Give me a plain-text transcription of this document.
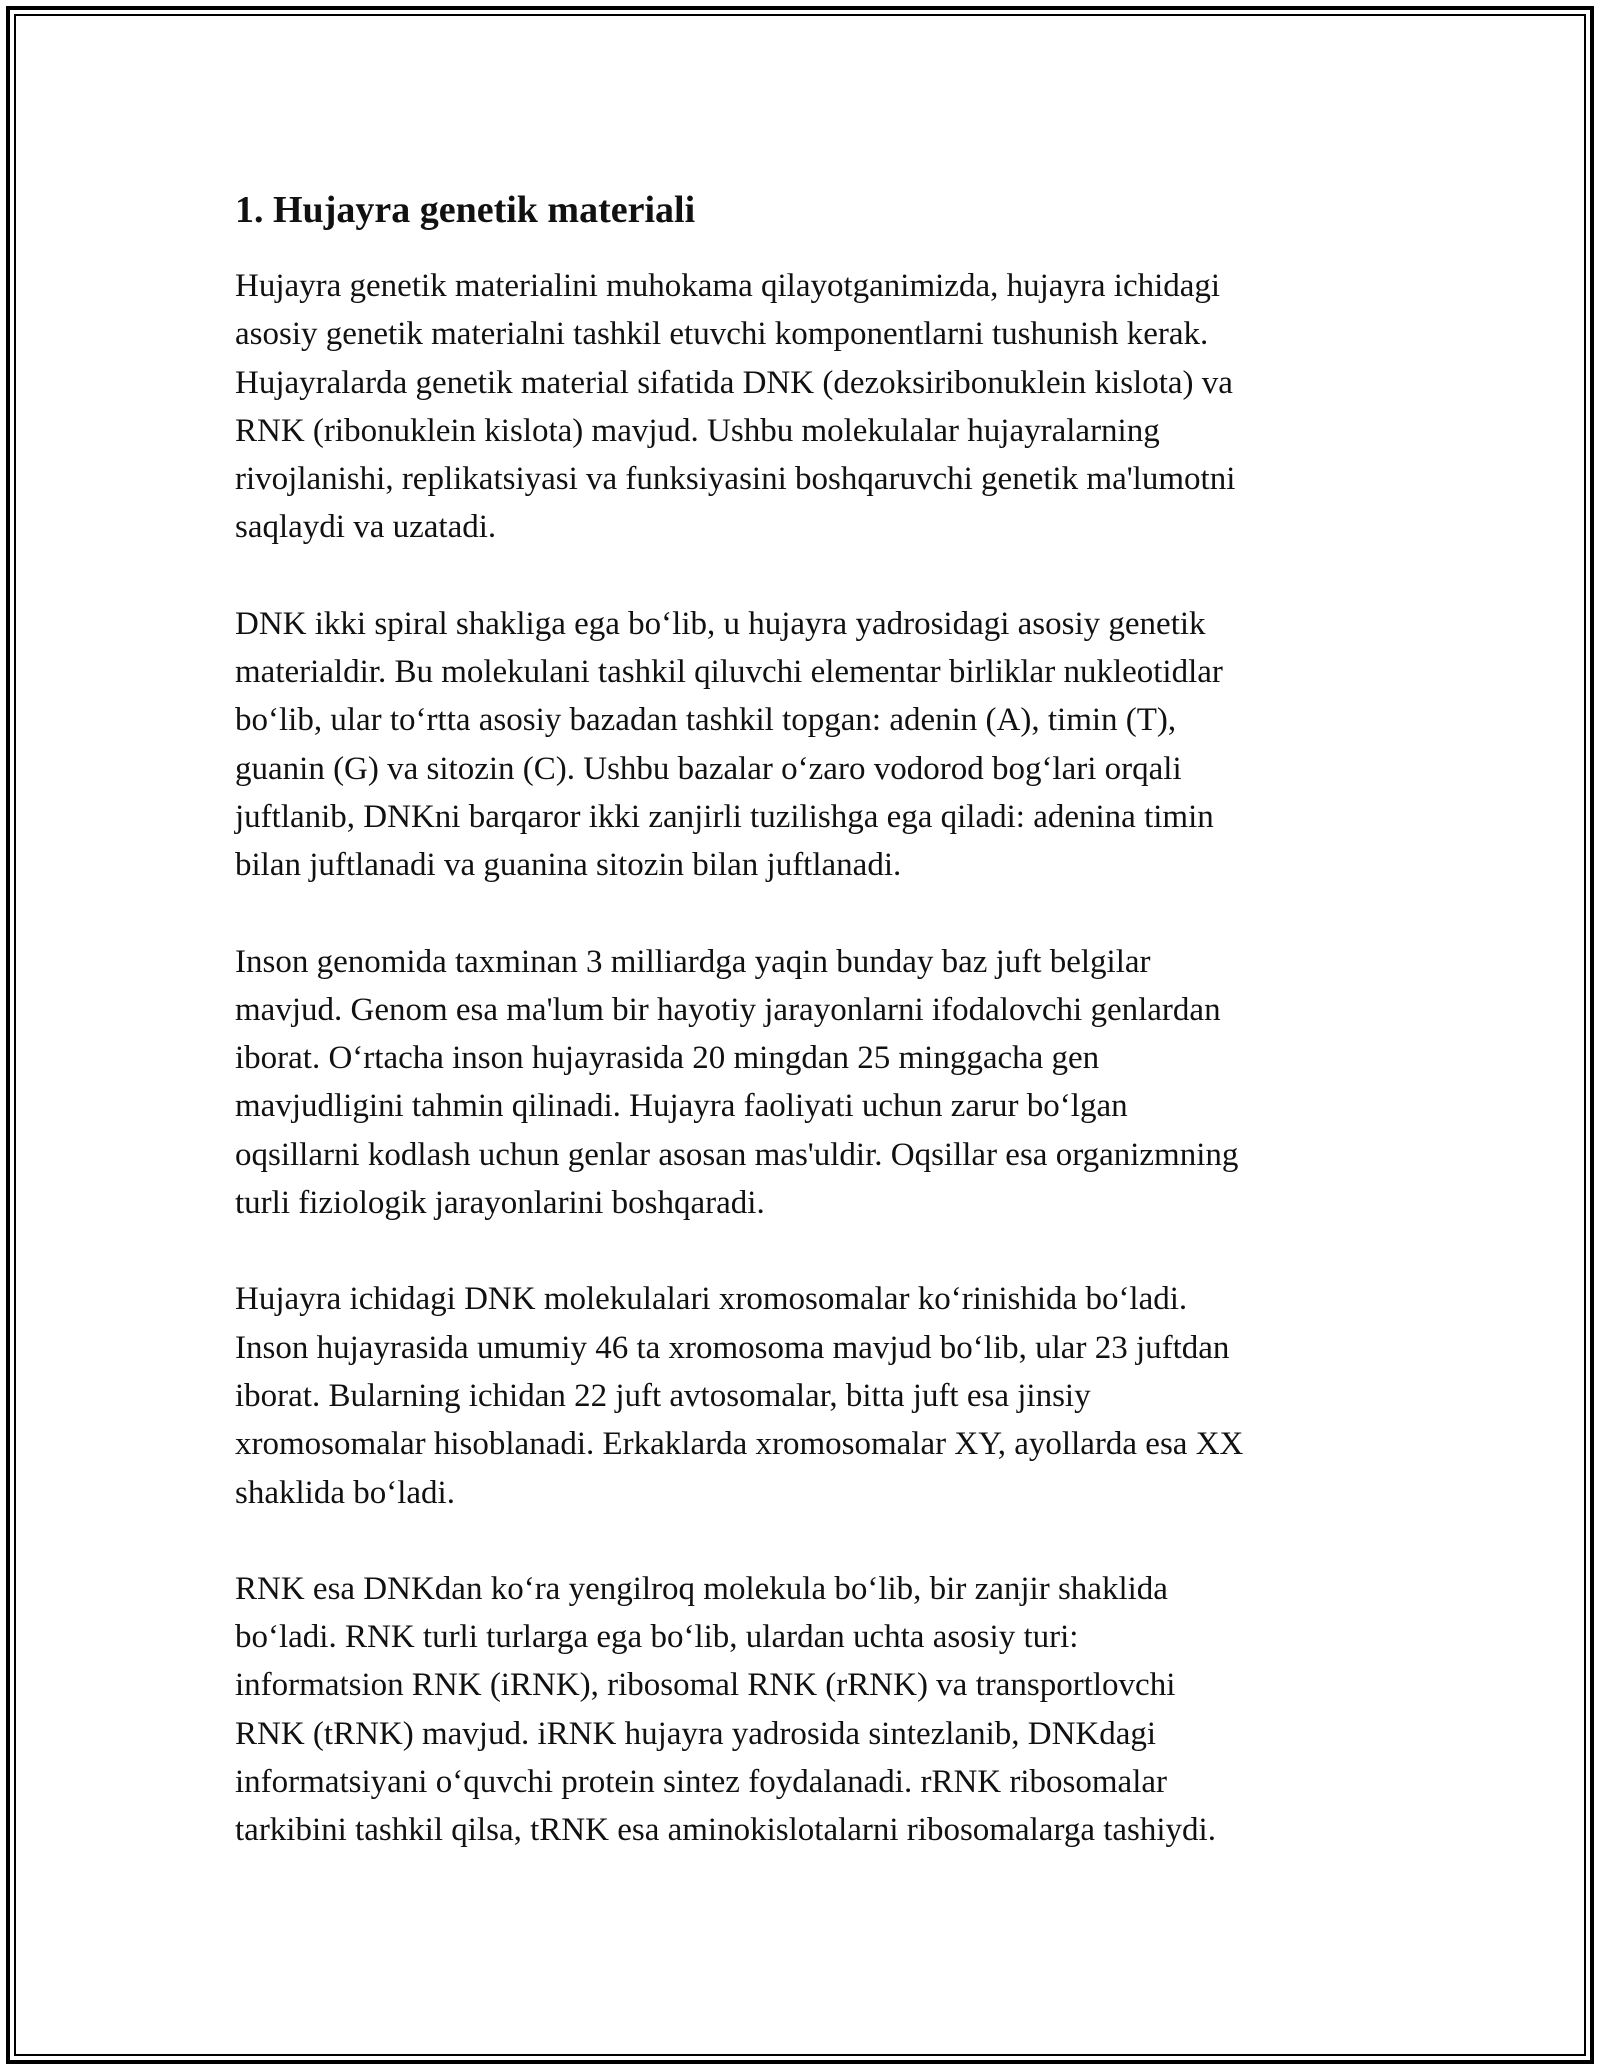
1. Hujayra genetik materiali

Hujayra genetik materialini muhokama qilayotganimizda, hujayra ichidagi
asosiy genetik materialni tashkil etuvchi komponentlarni tushunish kerak.
Hujayralarda genetik material sifatida DNK (dezoksiribonuklein kislota) va
RNK (ribonuklein kislota) mavjud. Ushbu molekulalar hujayralarning
rivojlanishi, replikatsiyasi va funksiyasini boshqaruvchi genetik ma'lumotni
saqlaydi va uzatadi.

DNK ikki spiral shakliga ega boʻlib, u hujayra yadrosidagi asosiy genetik
materialdir. Bu molekulani tashkil qiluvchi elementar birliklar nukleotidlar
boʻlib, ular toʻrtta asosiy bazadan tashkil topgan: adenin (A), timin (T),
guanin (G) va sitozin (C). Ushbu bazalar oʻzaro vodorod bogʻlari orqali
juftlanib, DNKni barqaror ikki zanjirli tuzilishga ega qiladi: adenina timin
bilan juftlanadi va guanina sitozin bilan juftlanadi.

Inson genomida taxminan 3 milliardga yaqin bunday baz juft belgilar
mavjud. Genom esa ma'lum bir hayotiy jarayonlarni ifodalovchi genlardan
iborat. Oʻrtacha inson hujayrasida 20 mingdan 25 minggacha gen
mavjudligini tahmin qilinadi. Hujayra faoliyati uchun zarur boʻlgan
oqsillarni kodlash uchun genlar asosan mas'uldir. Oqsillar esa organizmning
turli fiziologik jarayonlarini boshqaradi.

Hujayra ichidagi DNK molekulalari xromosomalar koʻrinishida boʻladi.
Inson hujayrasida umumiy 46 ta xromosoma mavjud boʻlib, ular 23 juftdan
iborat. Bularning ichidan 22 juft avtosomalar, bitta juft esa jinsiy
xromosomalar hisoblanadi. Erkaklarda xromosomalar XY, ayollarda esa XX
shaklida boʻladi.

RNK esa DNKdan koʻra yengilroq molekula boʻlib, bir zanjir shaklida
boʻladi. RNK turli turlarga ega boʻlib, ulardan uchta asosiy turi:
informatsion RNK (iRNK), ribosomal RNK (rRNK) va transportlovchi
RNK (tRNK) mavjud. iRNK hujayra yadrosida sintezlanib, DNKdagi
informatsiyani oʻquvchi protein sintez foydalanadi. rRNK ribosomalar
tarkibini tashkil qilsa, tRNK esa aminokislotalarni ribosomalarga tashiydi.
